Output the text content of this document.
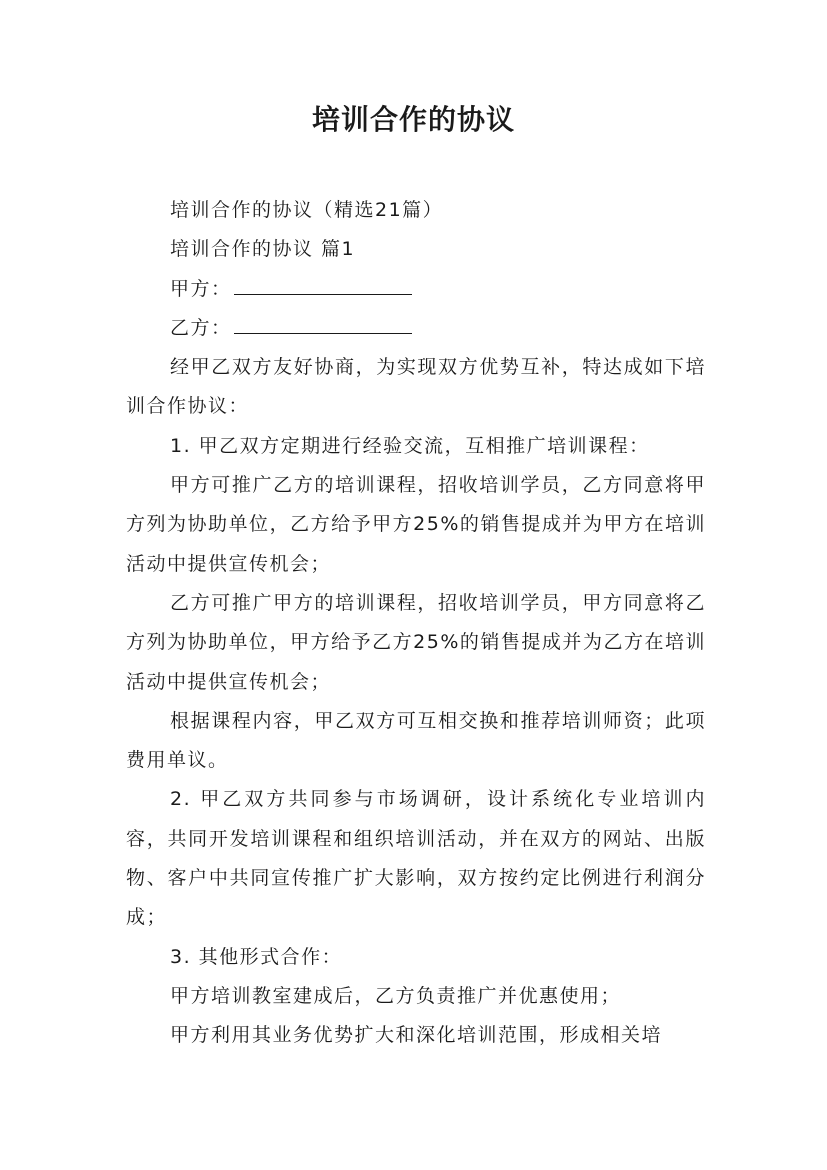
培训合作的协议

培训合作的协议（精选21篇）

培训合作的协议 篇1

甲方：

乙方：

经甲乙双方友好协商，为实现双方优势互补，特达成如下培训合作协议：

1. 甲乙双方定期进行经验交流，互相推广培训课程：

甲方可推广乙方的培训课程，招收培训学员，乙方同意将甲方列为协助单位，乙方给予甲方25%的销售提成并为甲方在培训活动中提供宣传机会；

乙方可推广甲方的培训课程，招收培训学员，甲方同意将乙方列为协助单位，甲方给予乙方25%的销售提成并为乙方在培训活动中提供宣传机会；

根据课程内容，甲乙双方可互相交换和推荐培训师资；此项费用单议。

2. 甲乙双方共同参与市场调研，设计系统化专业培训内容，共同开发培训课程和组织培训活动，并在双方的网站、出版物、客户中共同宣传推广扩大影响，双方按约定比例进行利润分成；

3. 其他形式合作：

甲方培训教室建成后，乙方负责推广并优惠使用；

甲方利用其业务优势扩大和深化培训范围，形成相关培
